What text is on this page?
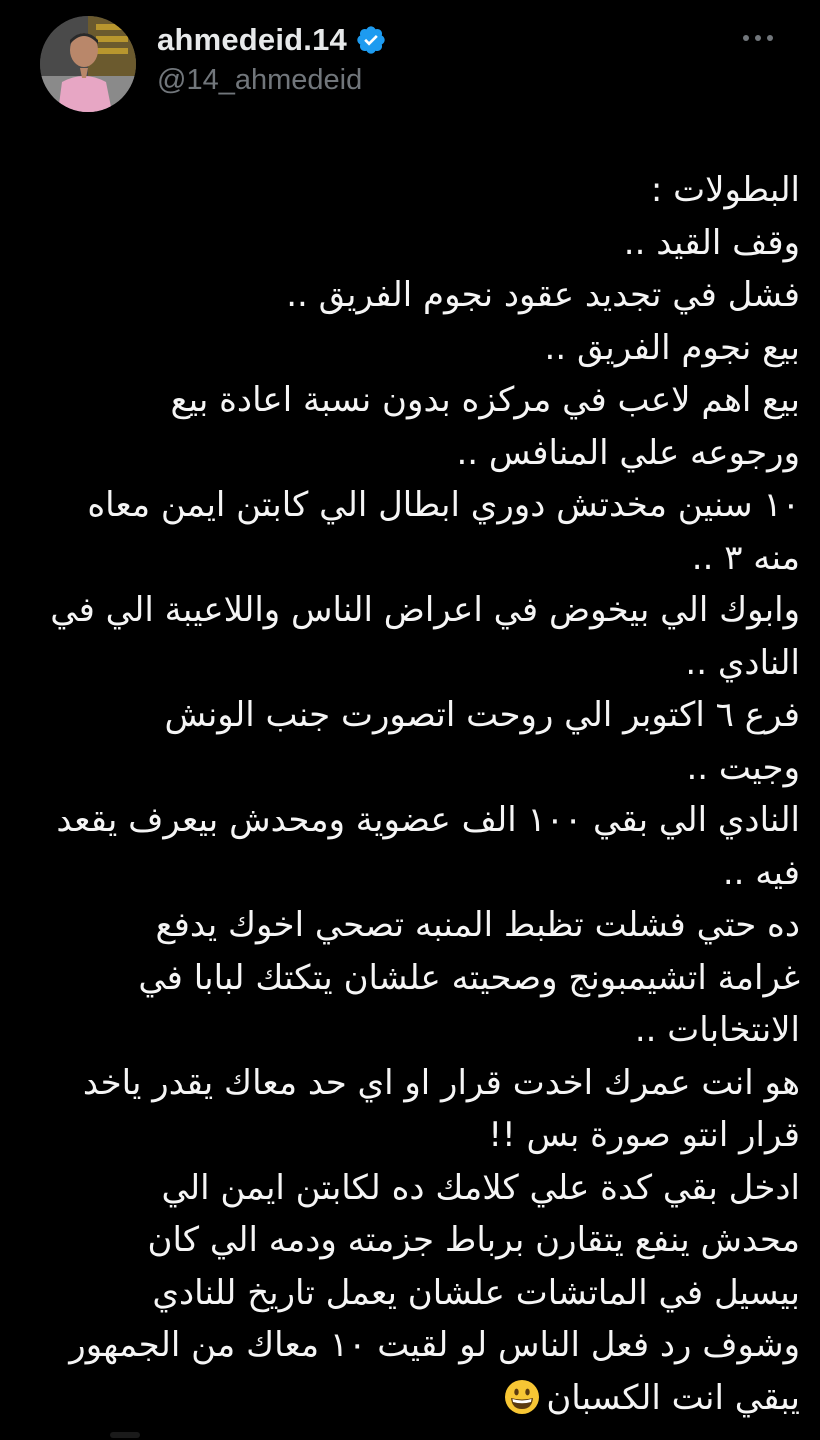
ahmedeid.14
@14_ahmedeid
البطولات :
وقف القيد ..
فشل في تجديد عقود نجوم الفريق ..
بيع نجوم الفريق ..
بيع اهم لاعب في مركزه بدون نسبة اعادة بيع
ورجوعه علي المنافس ..
١٠ سنين مخدتش دوري ابطال الي كابتن ايمن معاه
منه ٣ ..
وابوك الي بيخوض في اعراض الناس واللاعيبة الي في
النادي ..
فرع ٦ اكتوبر الي روحت اتصورت جنب الونش
وجيت ..
النادي الي بقي ١٠٠ الف عضوية ومحدش بيعرف يقعد
فيه ..
ده حتي فشلت تظبط المنبه تصحي اخوك يدفع
غرامة اتشيمبونج وصحيته علشان يتكتك لبابا في
الانتخابات ..
هو انت عمرك اخدت قرار او اي حد معاك يقدر ياخد
قرار انتو صورة بس !!
ادخل بقي كدة علي كلامك ده لكابتن ايمن الي
محدش ينفع يتقارن برباط جزمته ودمه الي كان
بيسيل في الماتشات علشان يعمل تاريخ للنادي
وشوف رد فعل الناس لو لقيت ١٠ معاك من الجمهور
يبقي انت الكسبان
